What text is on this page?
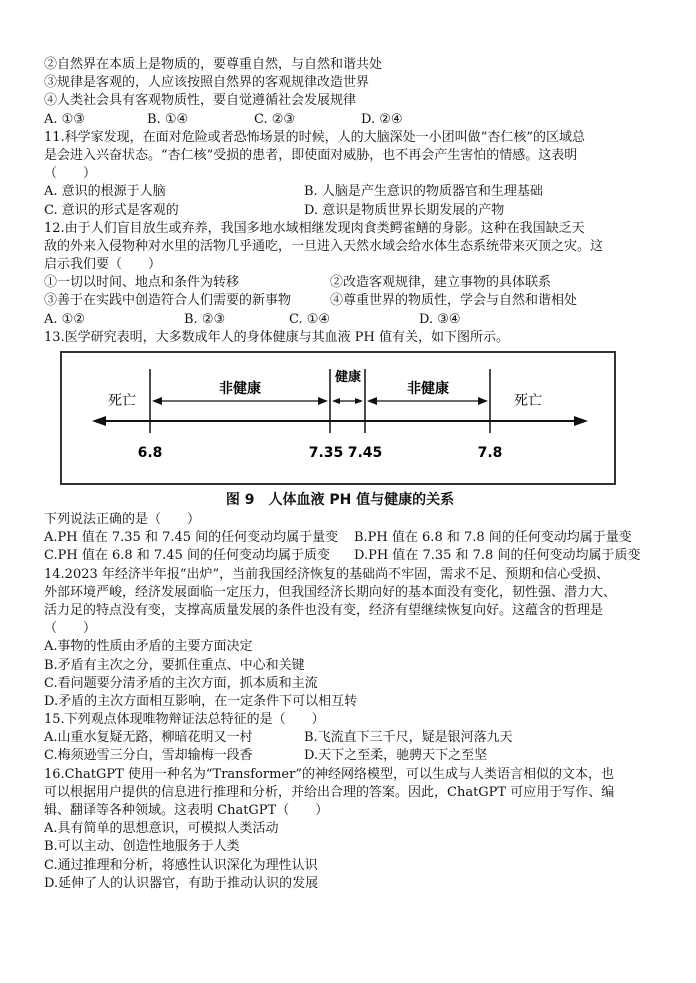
②自然界在本质上是物质的，要尊重自然，与自然和谐共处
③规律是客观的，人应该按照自然界的客观规律改造世界
④人类社会具有客观物质性，要自觉遵循社会发展规律
A. ①③	B. ①④	C. ②③	D. ②④
11.科学家发现，在面对危险或者恐怖场景的时候，人的大脑深处一小团叫做“杏仁核”的区域总
是会进入兴奋状态。“杏仁核”受损的患者，即使面对威胁，也不再会产生害怕的情感。这表明
（　　）
A. 意识的根源于人脑	B. 人脑是产生意识的物质器官和生理基础
C. 意识的形式是客观的	D. 意识是物质世界长期发展的产物
12.由于人们盲目放生或弃养，我国多地水域相继发现肉食类鳄雀鳝的身影。这种在我国缺乏天
敌的外来入侵物种对水里的活物几乎通吃，一旦进入天然水域会给水体生态系统带来灭顶之灾。这
启示我们要（　　）
①一切以时间、地点和条件为转移	②改造客观规律，建立事物的具体联系
③善于在实践中创造符合人们需要的新事物	④尊重世界的物质性，学会与自然和谐相处
A. ①②	B. ②③	C. ①④	D. ③④
13.医学研究表明，大多数成年人的身体健康与其血液 PH 值有关，如下图所示。
死亡
非健康
健康
非健康
死亡
6.8	7.35 7.45	7.8
图 9　人体血液 PH 值与健康的关系
下列说法正确的是（　　）
A.PH 值在 7.35 和 7.45 间的任何变动均属于量变	B.PH 值在 6.8 和 7.8 间的任何变动均属于量变
C.PH 值在 6.8 和 7.45 间的任何变动均属于质变	D.PH 值在 7.35 和 7.8 间的任何变动均属于质变
14.2023 年经济半年报“出炉”，当前我国经济恢复的基础尚不牢固，需求不足、预期和信心受损、
外部环境严峻，经济发展面临一定压力，但我国经济长期向好的基本面没有变化，韧性强、潜力大、
活力足的特点没有变，支撑高质量发展的条件也没有变，经济有望继续恢复向好。这蕴含的哲理是
（　　）
A.事物的性质由矛盾的主要方面决定
B.矛盾有主次之分，要抓住重点、中心和关键
C.看问题要分清矛盾的主次方面，抓本质和主流
D.矛盾的主次方面相互影响，在一定条件下可以相互转
15.下列观点体现唯物辩证法总特征的是（　　）
A.山重水复疑无路，柳暗花明又一村	B.飞流直下三千尺，疑是银河落九天
C.梅须逊雪三分白，雪却输梅一段香	D.天下之至柔，驰骋天下之至坚
16.ChatGPT 使用一种名为“Transformer”的神经网络模型，可以生成与人类语言相似的文本，也
可以根据用户提供的信息进行推理和分析，并给出合理的答案。因此，ChatGPT 可应用于写作、编
辑、翻译等各种领域。这表明 ChatGPT（　　）
A.具有简单的思想意识，可模拟人类活动
B.可以主动、创造性地服务于人类
C.通过推理和分析，将感性认识深化为理性认识
D.延伸了人的认识器官，有助于推动认识的发展
